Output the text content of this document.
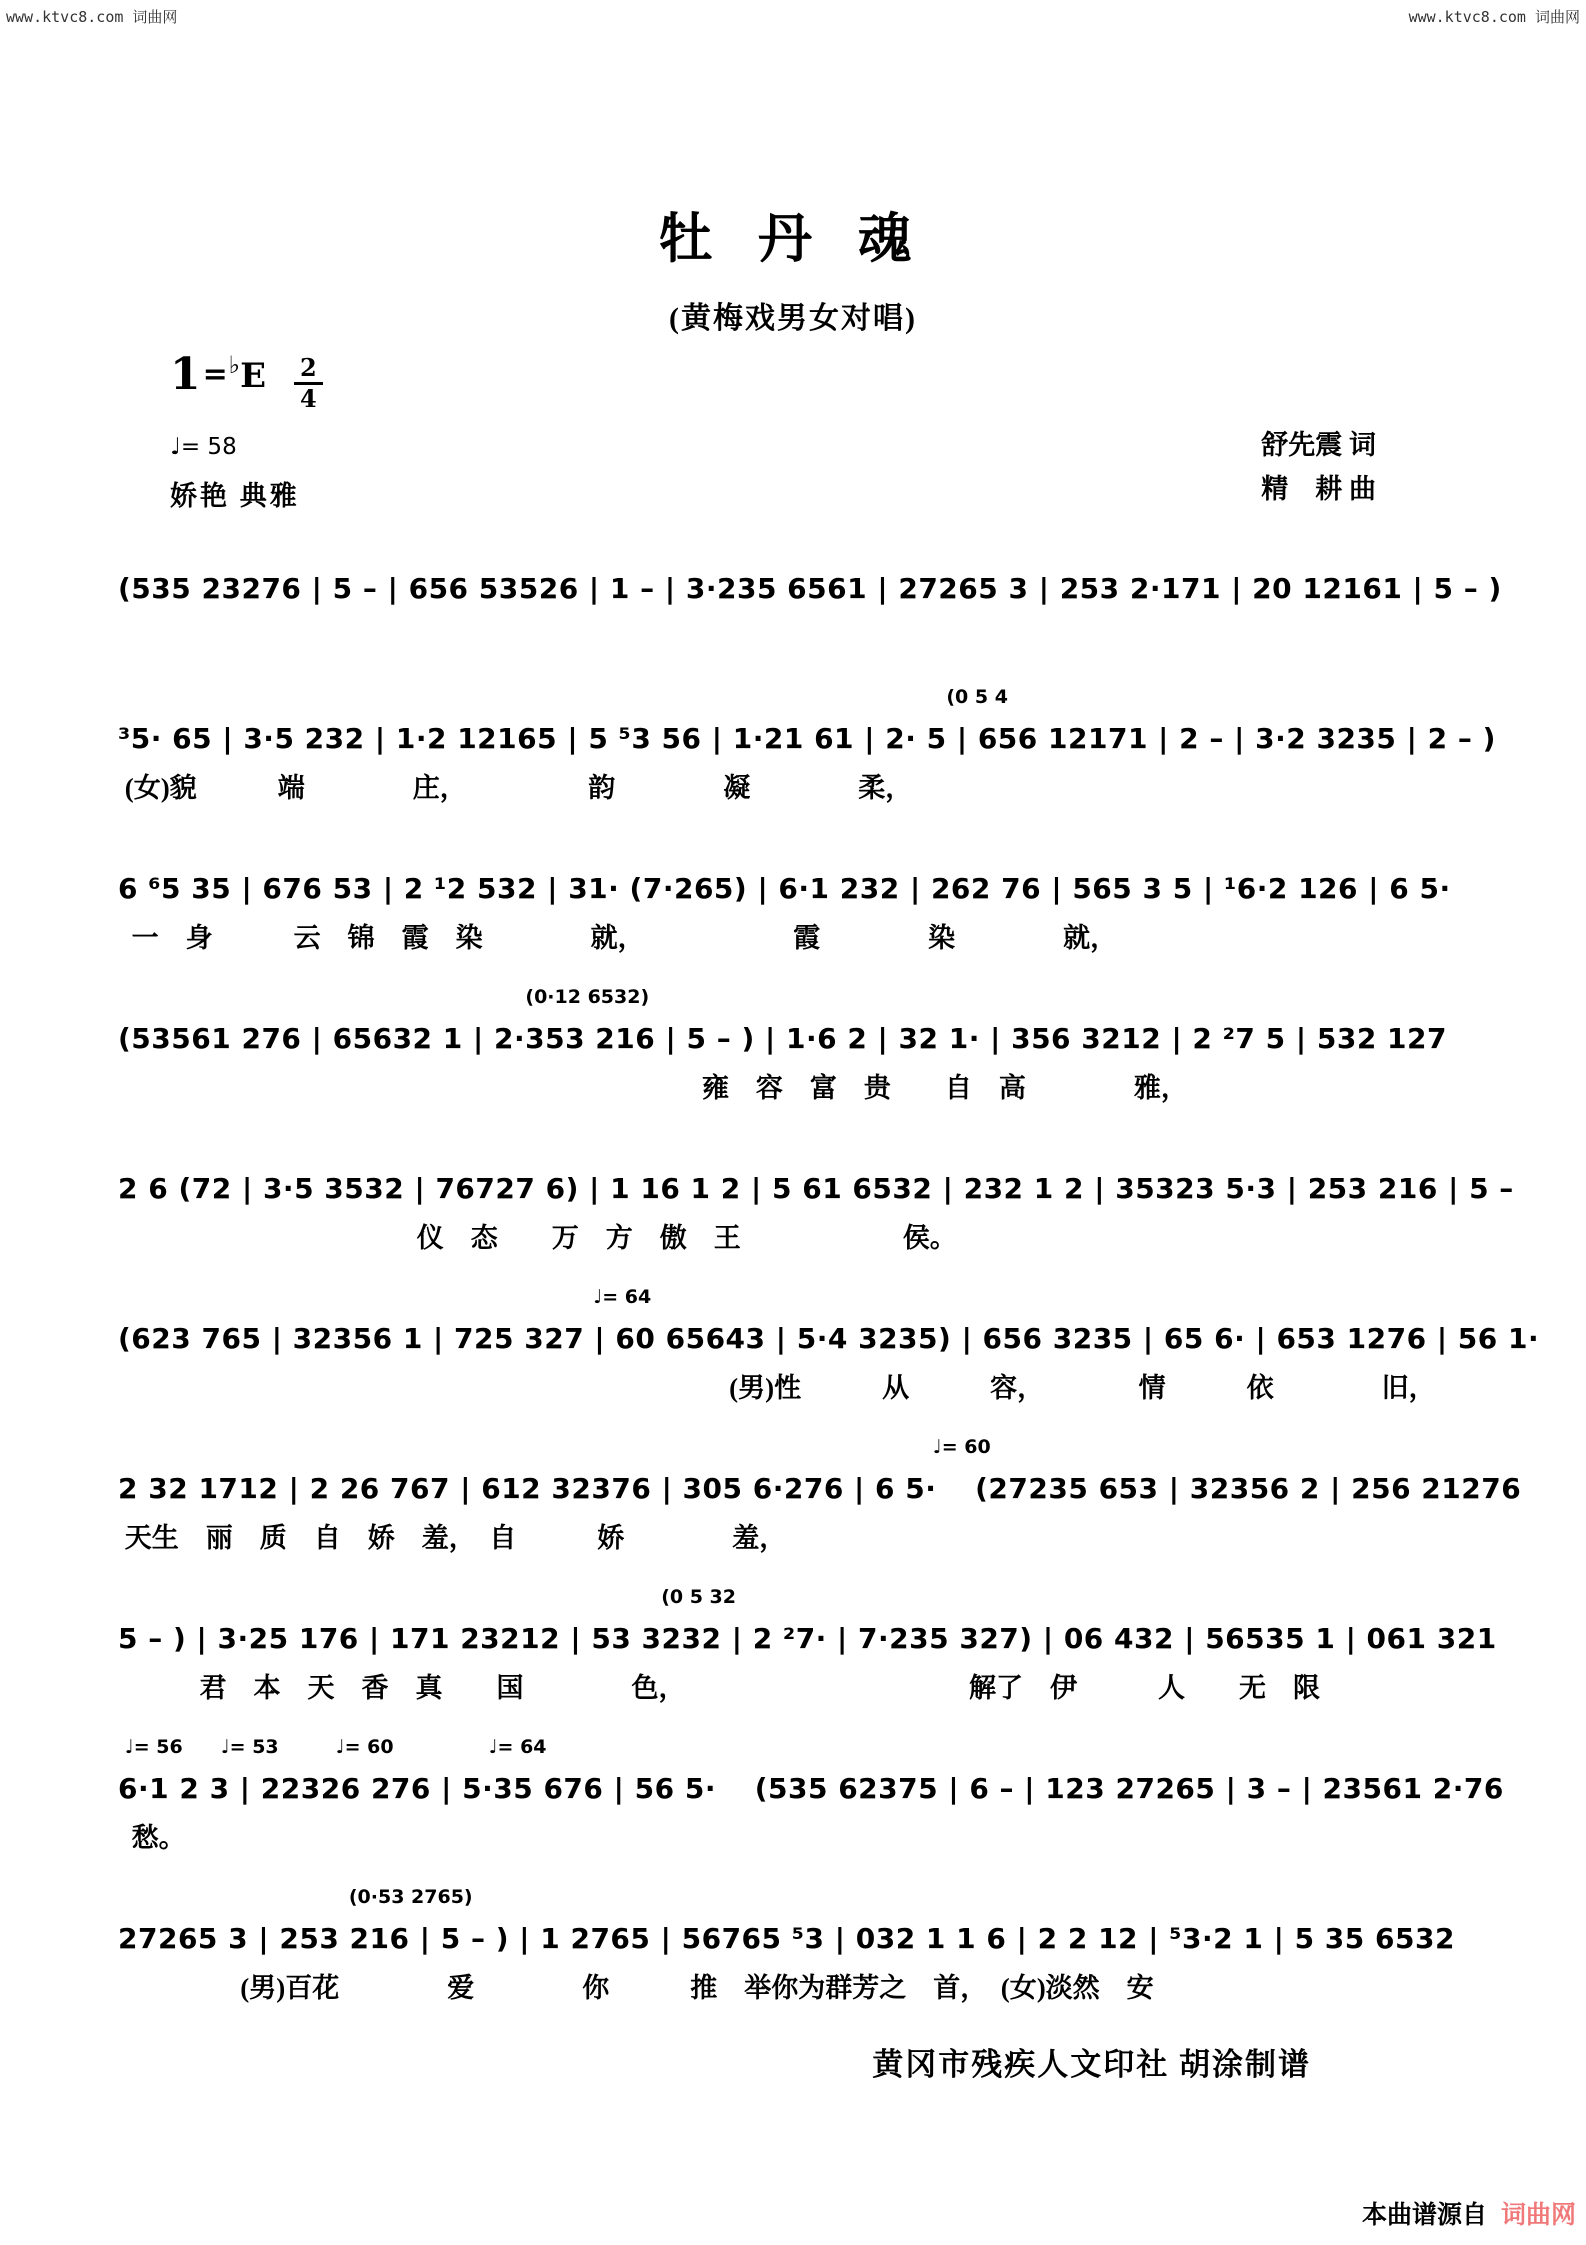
www.ktvc8.com 词曲网	www.ktvc8.com 词曲网
牡 丹 魂
(黄梅戏男女对唱)
1 = ♭ E $\frac{2}{4}$
♩= 58
娇艳 典雅
舒先震 词
精　耕 曲
(535 23276 | 5 – | 656 53526 | 1 – | 3·235 6561 | 27265 3 | 253 2·171 | 20 12161 | 5 – )
(0 5 4
³5· 65 | 3·5 232 | 1·2 12165 | 5 ⁵3 56 | 1·21 61 | 2· 5 | 656 12171 | 2 – | 3·2 3235 | 2 – )
(女)貌　　　端　　　　庄，　　　　　韵　　　　凝　　　　柔，
6 ⁶5 35 | 676 53 | 2 ¹2 532 | 31· (7·265) | 6·1 232 | 262 76 | 565 3 5 | ¹6·2 126 | 6 5·
一　身　　　云　锦　霞　染　　　　就，　　　　　　霞　　　　染　　　　就，
(0·12 6532)
(53561 276 | 65632 1 | 2·353 216 | 5 – ) | 1·6 2 | 32 1· | 356 3212 | 2 ²7 5 | 532 127
雍　容　富　贵　　自　高　　　　雅，
2 6 (72 | 3·5 3532 | 76727 6) | 1 16 1 2 | 5 61 6532 | 232 1 2 | 35323 5·3 | 253 216 | 5 –
仪　态　　万　方　傲　王　　　　　　侯。
♩= 64
(623 765 | 32356 1 | 725 327 | 60 65643 | 5·4 3235) | 656 3235 | 65 6· | 653 1276 | 56 1·
(男)性　　　从　　　容，　　　　情　　　依　　　　旧，
♩= 60
2 32 1712 | 2 26 767 | 612 32376 | 305 6·276 | 6 5·　 (27235 653 | 32356 2 | 256 21276
天生　丽　质　自　娇　羞，　自　　　娇　　　　羞，
(0 5 32
5 – ) | 3·25 176 | 171 23212 | 53 3232 | 2 ²7· | 7·235 327) | 06 432 | 56535 1 | 061 321
君　本　天　香　真　　国　　　　色，　　　　　　　　　　　解了　伊　　　人　　无　限
♩= 56　　♩= 53　　　♩= 60　　　　　♩= 64
6·1 2 3 | 22326 276 | 5·35 676 | 56 5·　 (535 62375 | 6 – | 123 27265 | 3 – | 23561 2·76
愁。
(0·53 2765)
27265 3 | 253 216 | 5 – ) | 1 2765 | 56765 ⁵3 | 032 1 1 6 | 2 2 12 | ⁵3·2 1 | 5 35 6532
(男)百花　　　　爱　　　　你　　　推　举你为群芳之　首，　(女)淡然　安
黄冈市残疾人文印社 胡涂制谱
本曲谱源自 词曲网
